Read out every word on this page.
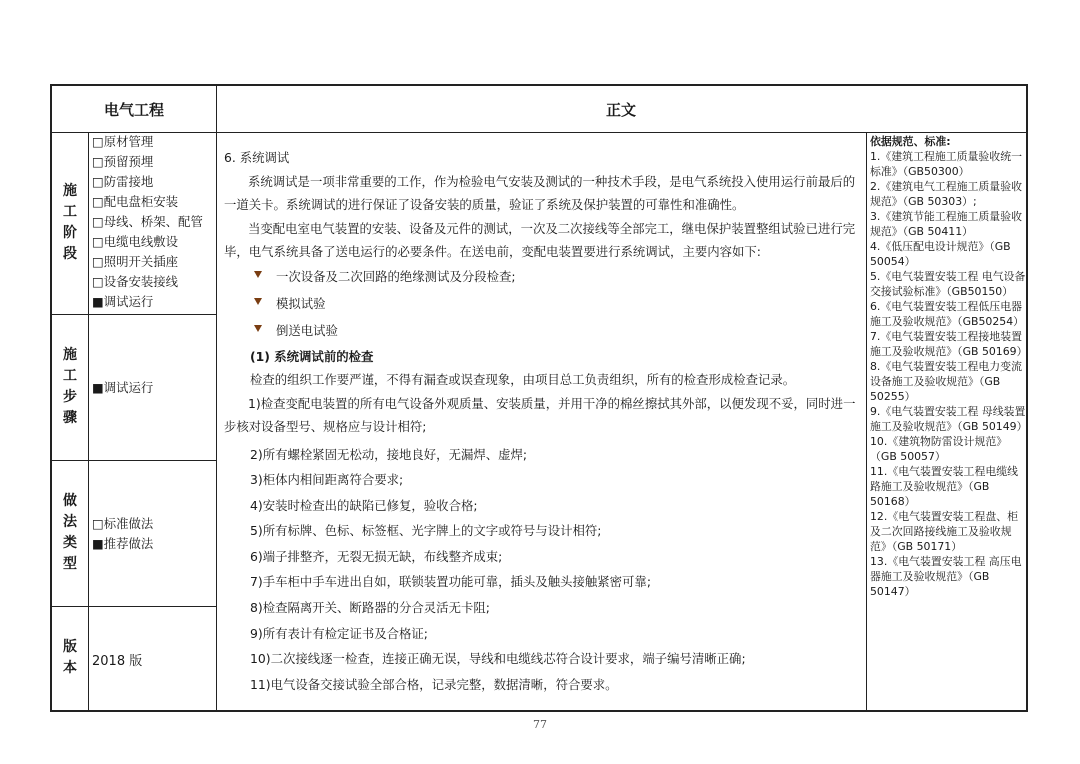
电气工程	正文
施
工
阶
段
施
工
步
骤
做
法
类
型
版
本
□原材管理
□预留预埋
□防雷接地
□配电盘柜安装
□母线、桥架、配管
□电缆电线敷设
□照明开关插座
□设备安装接线
■调试运行
■调试运行
□标准做法
■推荐做法
2018 版

6. 系统调试

系统调试是一项非常重要的工作，作为检验电气安装及测试的一种技术手段，是电气系统投入使用运行前最后的一道关卡。系统调试的进行保证了设备安装的质量，验证了系统及保护装置的可靠性和准确性。

当变配电室电气装置的安装、设备及元件的测试，一次及二次接线等全部完工，继电保护装置整组试验已进行完毕，电气系统具备了送电运行的必要条件。在送电前，变配电装置要进行系统调试，主要内容如下:

一次设备及二次回路的绝缘测试及分段检查;
模拟试验
倒送电试验

(1) 系统调试前的检查

检查的组织工作要严谨，不得有漏查或误查现象，由项目总工负责组织，所有的检查形成检查记录。

1)检查变配电装置的所有电气设备外观质量、安装质量，并用干净的棉丝擦拭其外部，以便发现不妥，同时进一步核对设备型号、规格应与设计相符;

2)所有螺栓紧固无松动，接地良好，无漏焊、虚焊;

3)柜体内相间距离符合要求;

4)安装时检查出的缺陷已修复，验收合格;

5)所有标牌、色标、标签框、光字牌上的文字或符号与设计相符;

6)端子排整齐，无裂无损无缺，布线整齐成束;

7)手车柜中手车进出自如，联锁装置功能可靠，插头及触头接触紧密可靠;

8)检查隔离开关、断路器的分合灵活无卡阻;

9)所有表计有检定证书及合格证;

10)二次接线逐一检查，连接正确无误，导线和电缆线芯符合设计要求，端子编号清晰正确;

11)电气设备交接试验全部合格，记录完整，数据清晰，符合要求。

依据规范、标准:
1.《建筑工程施工质量验收统一标准》（GB50300）
2.《建筑电气工程施工质量验收规范》（GB 50303）;
3.《建筑节能工程施工质量验收规范》（GB 50411）
4.《低压配电设计规范》（GB 50054）
5.《电气装置安装工程 电气设备交接试验标准》（GB50150）
6.《电气装置安装工程低压电器施工及验收规范》（GB50254）
7.《电气装置安装工程接地装置施工及验收规范》（GB 50169）
8.《电气装置安装工程电力变流设备施工及验收规范》（GB 50255）
9.《电气装置安装工程 母线装置施工及验收规范》（GB 50149）
10.《建筑物防雷设计规范》（GB 50057）
11.《电气装置安装工程电缆线路施工及验收规范》（GB 50168）
12.《电气装置安装工程盘、柜及二次回路接线施工及验收规范》（GB 50171）
13.《电气装置安装工程 高压电器施工及验收规范》（GB 50147）
77
